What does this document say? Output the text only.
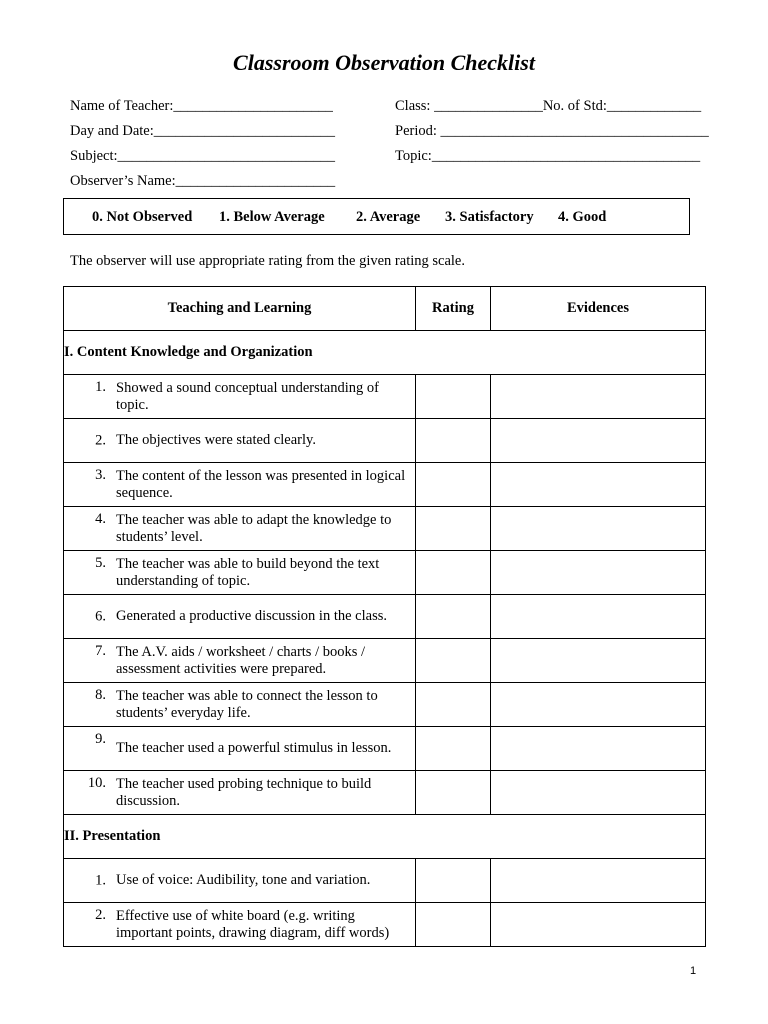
Classroom Observation Checklist
Name of Teacher:______________________	Class: _______________No. of Std:_____________
Day and Date:_________________________	Period: _____________________________________
Subject:______________________________	Topic:_____________________________________
Observer’s Name:______________________
0. Not Observed 1. Below Average 2. Average 3. Satisfactory 4. Good
The observer will use appropriate rating from the given rating scale.
Teaching and Learning	Rating	Evidences
I. Content Knowledge and Organization		

1. Showed a sound conceptual understanding of topic.		

2. The objectives were stated clearly.		

3. The content of the lesson was presented in logical sequence.		

4. The teacher was able to adapt the knowledge to students’ level.		

5. The teacher was able to build beyond the text understanding of topic.		

6. Generated a productive discussion in the class.		

7. The A.V. aids / worksheet / charts / books / assessment activities were prepared.		

8. The teacher was able to connect the lesson to students’ everyday life.		

9.
The teacher used a powerful stimulus in lesson.		

10. The teacher used probing technique to build discussion.		

II. Presentation		

1. Use of voice: Audibility, tone and variation.		

2. Effective use of white board (e.g. writing important points, drawing diagram, diff words)		

1
